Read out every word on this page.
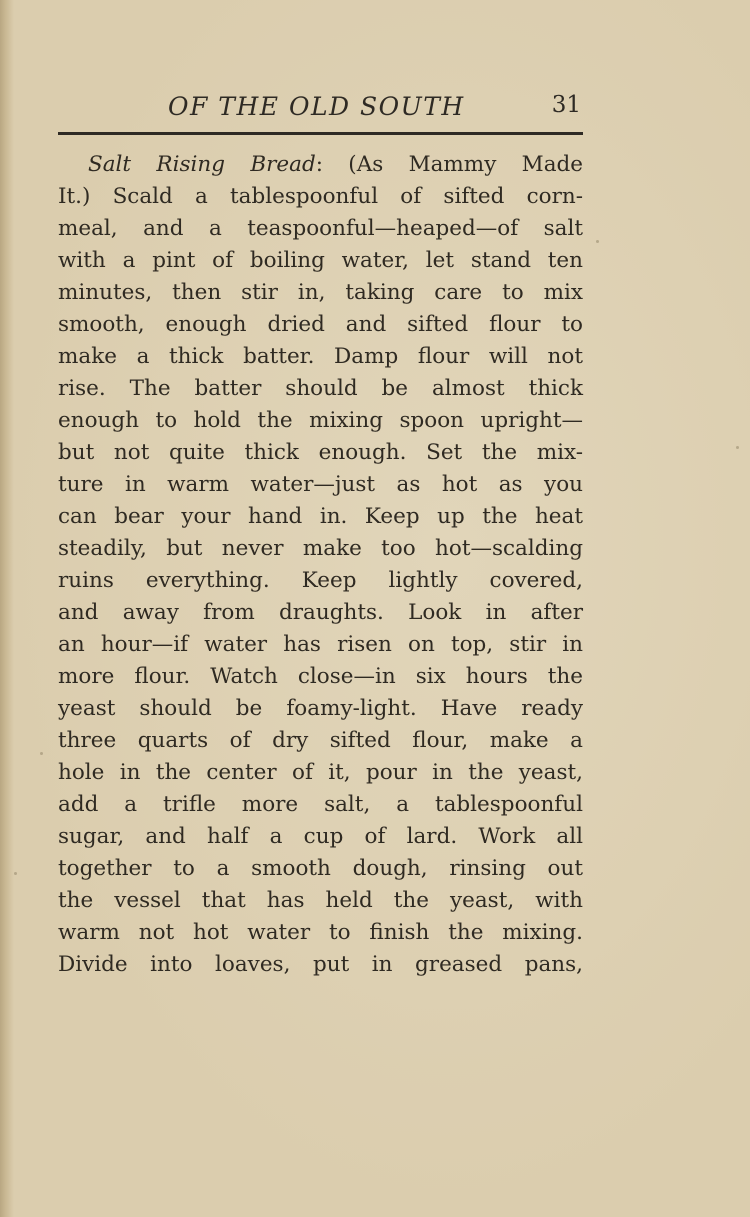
OF THE OLD SOUTH	31
Salt Rising Bread: (As Mammy Made
It.) Scald a tablespoonful of sifted corn-
meal, and a teaspoonful—heaped—of salt
with a pint of boiling water, let stand ten
minutes, then stir in, taking care to mix
smooth, enough dried and sifted flour to
make a thick batter. Damp flour will not
rise. The batter should be almost thick
enough to hold the mixing spoon upright—
but not quite thick enough. Set the mix-
ture in warm water—just as hot as you
can bear your hand in. Keep up the heat
steadily, but never make too hot—scalding
ruins everything. Keep lightly covered,
and away from draughts. Look in after
an hour—if water has risen on top, stir in
more flour. Watch close—in six hours the
yeast should be foamy-light. Have ready
three quarts of dry sifted flour, make a
hole in the center of it, pour in the yeast,
add a trifle more salt, a tablespoonful
sugar, and half a cup of lard. Work all
together to a smooth dough, rinsing out
the vessel that has held the yeast, with
warm not hot water to finish the mixing.
Divide into loaves, put in greased pans,
